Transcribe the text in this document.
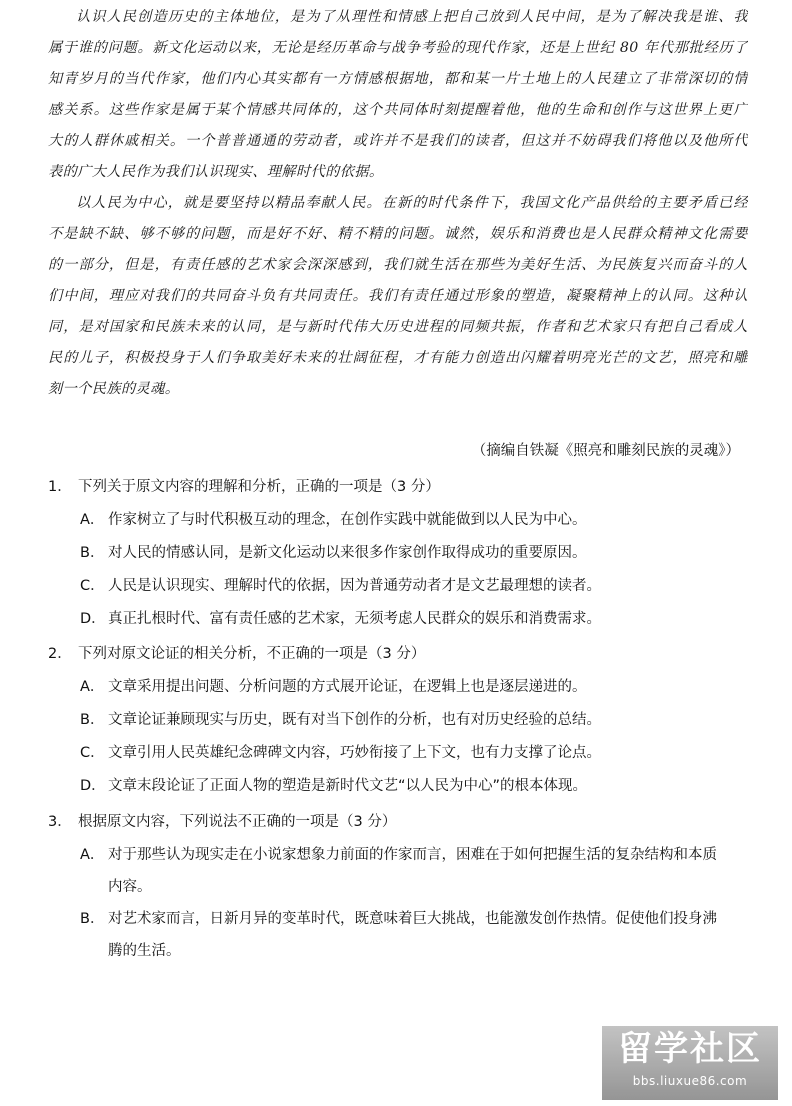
认识人民创造历史的主体地位，是为了从理性和情感上把自己放到人民中间，是为了解决我是谁、我
属于谁的问题。新文化运动以来，无论是经历革命与战争考验的现代作家，还是上世纪 80 年代那批经历了
知青岁月的当代作家，他们内心其实都有一方情感根据地，都和某一片土地上的人民建立了非常深切的情
感关系。这些作家是属于某个情感共同体的，这个共同体时刻提醒着他，他的生命和创作与这世界上更广
大的人群休戚相关。一个普普通通的劳动者，或许并不是我们的读者，但这并不妨碍我们将他以及他所代
表的广大人民作为我们认识现实、理解时代的依据。
以人民为中心，就是要坚持以精品奉献人民。在新的时代条件下，我国文化产品供给的主要矛盾已经
不是缺不缺、够不够的问题，而是好不好、精不精的问题。诚然，娱乐和消费也是人民群众精神文化需要
的一部分，但是，有责任感的艺术家会深深感到，我们就生活在那些为美好生活、为民族复兴而奋斗的人
们中间，理应对我们的共同奋斗负有共同责任。我们有责任通过形象的塑造，凝聚精神上的认同。这种认
同，是对国家和民族未来的认同，是与新时代伟大历史进程的同频共振，作者和艺术家只有把自己看成人
民的儿子，积极投身于人们争取美好未来的壮阔征程，才有能力创造出闪耀着明亮光芒的文艺，照亮和雕
刻一个民族的灵魂。
（摘编自铁凝《照亮和雕刻民族的灵魂》）
1． 下列关于原文内容的理解和分析，正确的一项是（3 分）
A． 作家树立了与时代积极互动的理念，在创作实践中就能做到以人民为中心。
B． 对人民的情感认同，是新文化运动以来很多作家创作取得成功的重要原因。
C． 人民是认识现实、理解时代的依据，因为普通劳动者才是文艺最理想的读者。
D． 真正扎根时代、富有责任感的艺术家，无须考虑人民群众的娱乐和消费需求。
2． 下列对原文论证的相关分析，不正确的一项是（3 分）
A． 文章采用提出问题、分析问题的方式展开论证，在逻辑上也是逐层递进的。
B． 文章论证兼顾现实与历史，既有对当下创作的分析，也有对历史经验的总结。
C． 文章引用人民英雄纪念碑碑文内容，巧妙衔接了上下文，也有力支撑了论点。
D． 文章末段论证了正面人物的塑造是新时代文艺“以人民为中心”的根本体现。
3． 根据原文内容，下列说法不正确的一项是（3 分）
A． 对于那些认为现实走在小说家想象力前面的作家而言，困难在于如何把握生活的复杂结构和本质
内容。
B． 对艺术家而言，日新月异的变革时代，既意味着巨大挑战，也能激发创作热情。促使他们投身沸
腾的生活。
留学社区
bbs.liuxue86.com
